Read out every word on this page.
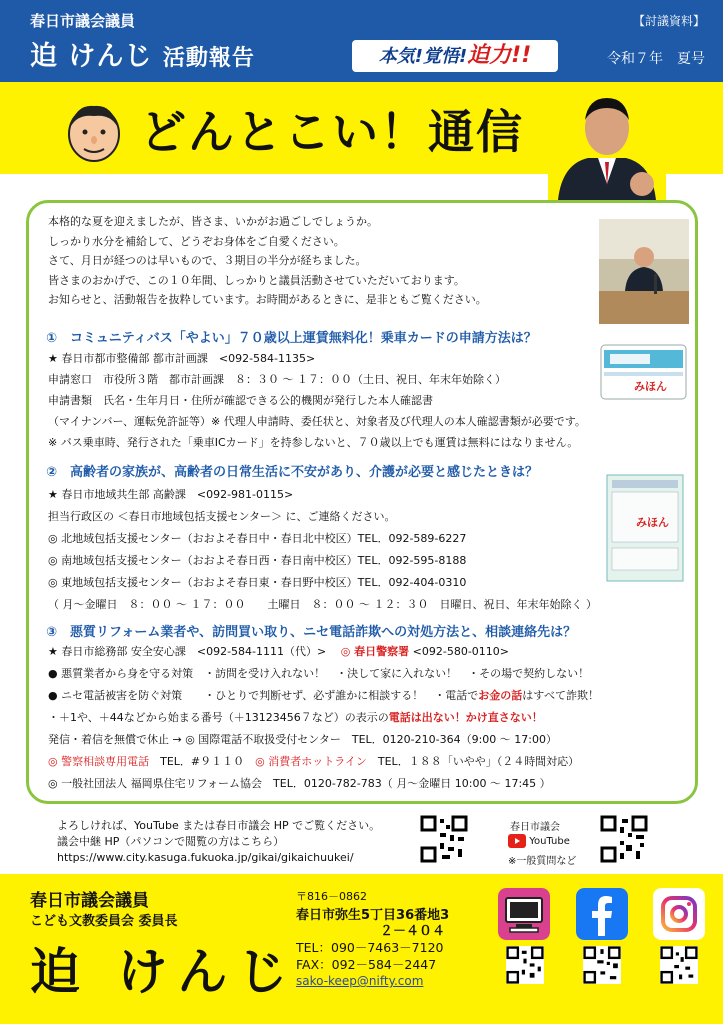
春日市議会議員
迫 けんじ 活動報告
【討議資料】
令和７年　夏号
本気!覚悟!迫力!!
どんとこい！通信

本格的な夏を迎えましたが、皆さま、いかがお過ごしでしょうか。

しっかり水分を補給して、どうぞお身体をご自愛ください。

さて、月日が経つのは早いもので、３期目の半分が経ちました。

皆さまのおかげで、この１０年間、しっかりと議員活動させていただいております。

お知らせと、活動報告を抜粋しています。お時間があるときに、是非ともご覧ください。

①　コミュニティバス「やよい」７０歳以上運賃無料化！乗車カードの申請方法は？
★ 春日市都市整備部 都市計画課　<092-584-1135>
申請窓口　市役所３階　都市計画課　８：３０ ～ １７：００（土日、祝日、年末年始除く）
申請書類　氏名・生年月日・住所が確認できる公的機関が発行した本人確認書
（マイナンバー、運転免許証等）※ 代理人申請時、委任状と、対象者及び代理人の本人確認書類が必要です。
※ バス乗車時、発行された「乗車ICカード」を持参しないと、７０歳以上でも運賃は無料にはなりません。
みほん
②　高齢者の家族が、高齢者の日常生活に不安があり、介護が必要と感じたときは？
★ 春日市地域共生部 高齢課　<092-981-0115>
担当行政区の ＜春日市地域包括支援センター＞ に、ご連絡ください。
◎ 北地域包括支援センター（おおよそ春日中・春日北中校区）TEL．092-589-6227
◎ 南地域包括支援センター（おおよそ春日西・春日南中校区）TEL．092-595-8188
◎ 東地域包括支援センター（おおよそ春日東・春日野中校区）TEL．092-404-0310
（ 月～金曜日　８：００ ～ １７：００　　土曜日　８：００ ～ １２：３０　日曜日、祝日、年末年始除く ）
みほん
③　悪質リフォーム業者や、訪問買い取り、ニセ電話詐欺への対処方法と、相談連絡先は？
★ 春日市総務部 安全安心課　<092-584-1111（代）>　 ◎ 春日警察署 <092-580-0110>
● 悪質業者から身を守る対策　・訪問を受け入れない！　・決して家に入れない！　・その場で契約しない！
● ニセ電話被害を防ぐ対策　　・ひとりで判断せず、必ず誰かに相談する！　・電話でお金の話はすべて詐欺！
・＋1や、＋44などから始まる番号（＋13123456７など）の表示の電話は出ない！かけ直さない！
発信・着信を無償で休止 → ◎ 国際電話不取扱受付センター　TEL．0120-210-364（9:00 ～ 17:00）
◎ 警察相談専用電話　 TEL．#９１１０　 ◎ 消費者ホットライン　 TEL．１８８「いやや」（２４時間対応）
◎ 一般社団法人 福岡県住宅リフォーム協会　TEL．0120-782-783（ 月～金曜日 10:00 ～ 17:45 ）
よろしければ、YouTube または春日市議会 HP でご覧ください。
議会中継 HP（パソコンで閲覧の方はこちら）
https://www.city.kasuga.fukuoka.jp/gikai/gikaichuukei/
春日市議会
YouTube
※一般質問など
春日市議会議員
こども文教委員会 委員長
迫 けんじ
〒816－0862
春日市弥生5丁目36番地3
２－４０４
TEL：090－7463－7120
FAX：092－584－2447
sako-keep@nifty.com
